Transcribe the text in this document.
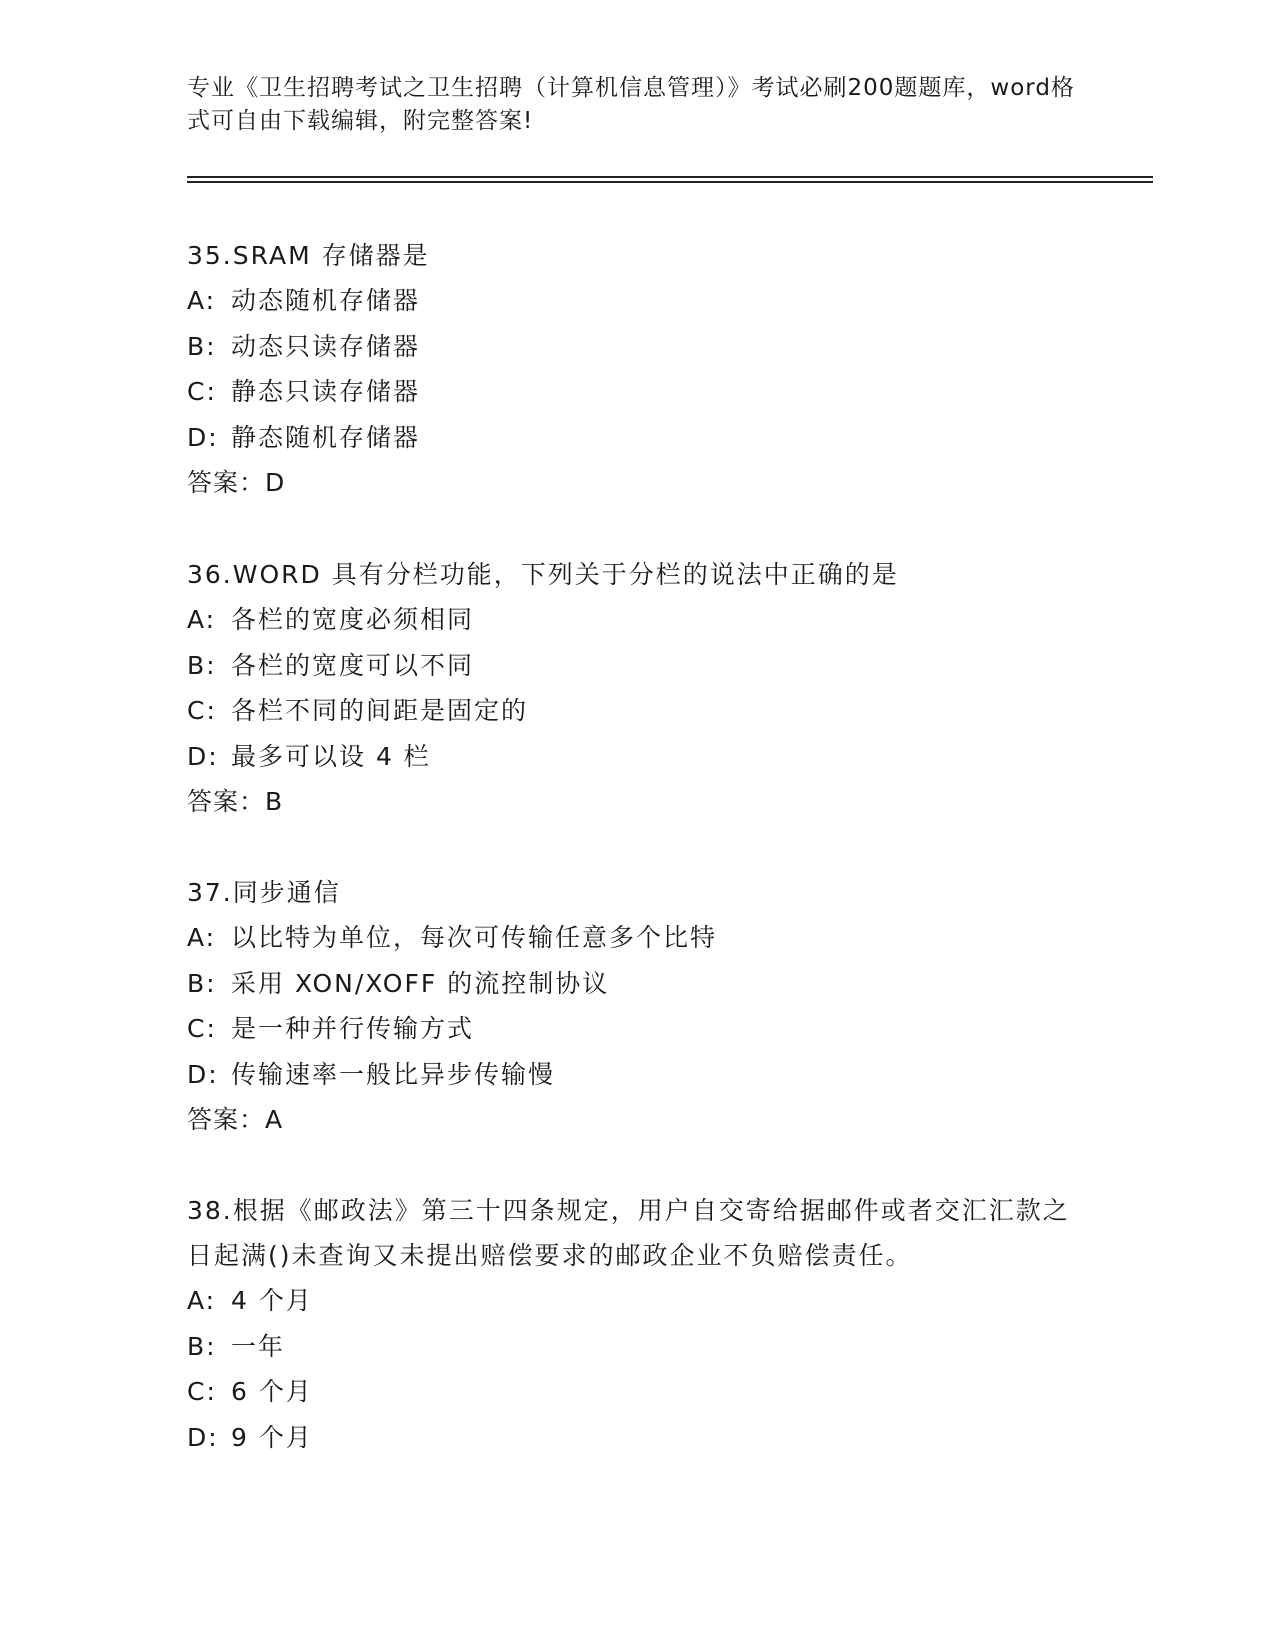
专业《卫生招聘考试之卫生招聘（计算机信息管理）》考试必刷200题题库，word格式可自由下载编辑，附完整答案!
35.SRAM 存储器是
A: 动态随机存储器
B: 动态只读存储器
C: 静态只读存储器
D: 静态随机存储器
答案：D
36.WORD 具有分栏功能，下列关于分栏的说法中正确的是
A: 各栏的宽度必须相同
B: 各栏的宽度可以不同
C: 各栏不同的间距是固定的
D: 最多可以设 4 栏
答案：B
37.同步通信
A: 以比特为单位，每次可传输任意多个比特
B: 采用 XON/XOFF 的流控制协议
C: 是一种并行传输方式
D: 传输速率一般比异步传输慢
答案：A
38.根据《邮政法》第三十四条规定，用户自交寄给据邮件或者交汇汇款之日起满()未查询又未提出赔偿要求的邮政企业不负赔偿责任。
A: 4 个月
B: 一年
C: 6 个月
D: 9 个月
